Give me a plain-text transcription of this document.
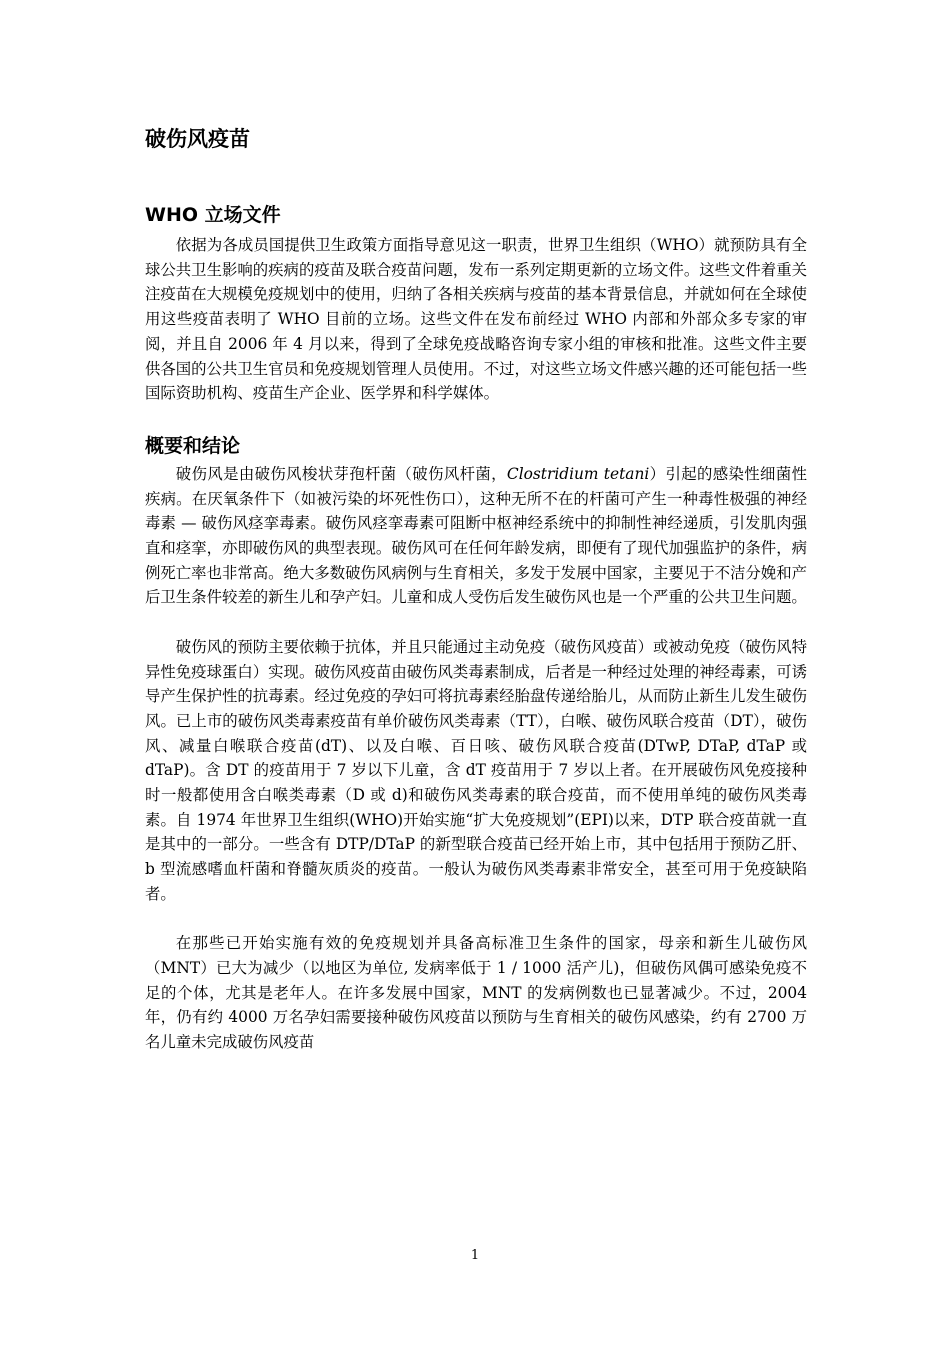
破伤风疫苗
WHO 立场文件

依据为各成员国提供卫生政策方面指导意见这一职责，世界卫生组织（WHO）就预防具有全球公共卫生影响的疾病的疫苗及联合疫苗问题，发布一系列定期更新的立场文件。这些文件着重关注疫苗在大规模免疫规划中的使用，归纳了各相关疾病与疫苗的基本背景信息，并就如何在全球使用这些疫苗表明了 WHO 目前的立场。这些文件在发布前经过 WHO 内部和外部众多专家的审阅，并且自 2006 年 4 月以来，得到了全球免疫战略咨询专家小组的审核和批准。这些文件主要供各国的公共卫生官员和免疫规划管理人员使用。不过，对这些立场文件感兴趣的还可能包括一些国际资助机构、疫苗生产企业、医学界和科学媒体。

概要和结论

破伤风是由破伤风梭状芽孢杆菌（破伤风杆菌，Clostridium tetani）引起的感染性细菌性疾病。在厌氧条件下（如被污染的坏死性伤口），这种无所不在的杆菌可产生一种毒性极强的神经毒素 — 破伤风痉挛毒素。破伤风痉挛毒素可阻断中枢神经系统中的抑制性神经递质，引发肌肉强直和痉挛，亦即破伤风的典型表现。破伤风可在任何年龄发病，即便有了现代加强监护的条件，病例死亡率也非常高。绝大多数破伤风病例与生育相关，多发于发展中国家，主要见于不洁分娩和产后卫生条件较差的新生儿和孕产妇。儿童和成人受伤后发生破伤风也是一个严重的公共卫生问题。

破伤风的预防主要依赖于抗体，并且只能通过主动免疫（破伤风疫苗）或被动免疫（破伤风特异性免疫球蛋白）实现。破伤风疫苗由破伤风类毒素制成，后者是一种经过处理的神经毒素，可诱导产生保护性的抗毒素。经过免疫的孕妇可将抗毒素经胎盘传递给胎儿，从而防止新生儿发生破伤风。已上市的破伤风类毒素疫苗有单价破伤风类毒素（TT），白喉、破伤风联合疫苗（DT），破伤风、减量白喉联合疫苗(dT)、以及白喉、百日咳、破伤风联合疫苗(DTwP, DTaP, dTaP 或 dTaP)。含 DT 的疫苗用于 7 岁以下儿童，含 dT 疫苗用于 7 岁以上者。在开展破伤风免疫接种时一般都使用含白喉类毒素（D 或 d)和破伤风类毒素的联合疫苗，而不使用单纯的破伤风类毒素。自 1974 年世界卫生组织(WHO)开始实施“扩大免疫规划”(EPI)以来，DTP 联合疫苗就一直是其中的一部分。一些含有 DTP/DTaP 的新型联合疫苗已经开始上市，其中包括用于预防乙肝、b 型流感嗜血杆菌和脊髓灰质炎的疫苗。一般认为破伤风类毒素非常安全，甚至可用于免疫缺陷者。

在那些已开始实施有效的免疫规划并具备高标准卫生条件的国家，母亲和新生儿破伤风（MNT）已大为减少（以地区为单位, 发病率低于 1 / 1000 活产儿)，但破伤风偶可感染免疫不足的个体，尤其是老年人。在许多发展中国家，MNT 的发病例数也已显著减少。不过，2004 年，仍有约 4000 万名孕妇需要接种破伤风疫苗以预防与生育相关的破伤风感染，约有 2700 万名儿童未完成破伤风疫苗

1
